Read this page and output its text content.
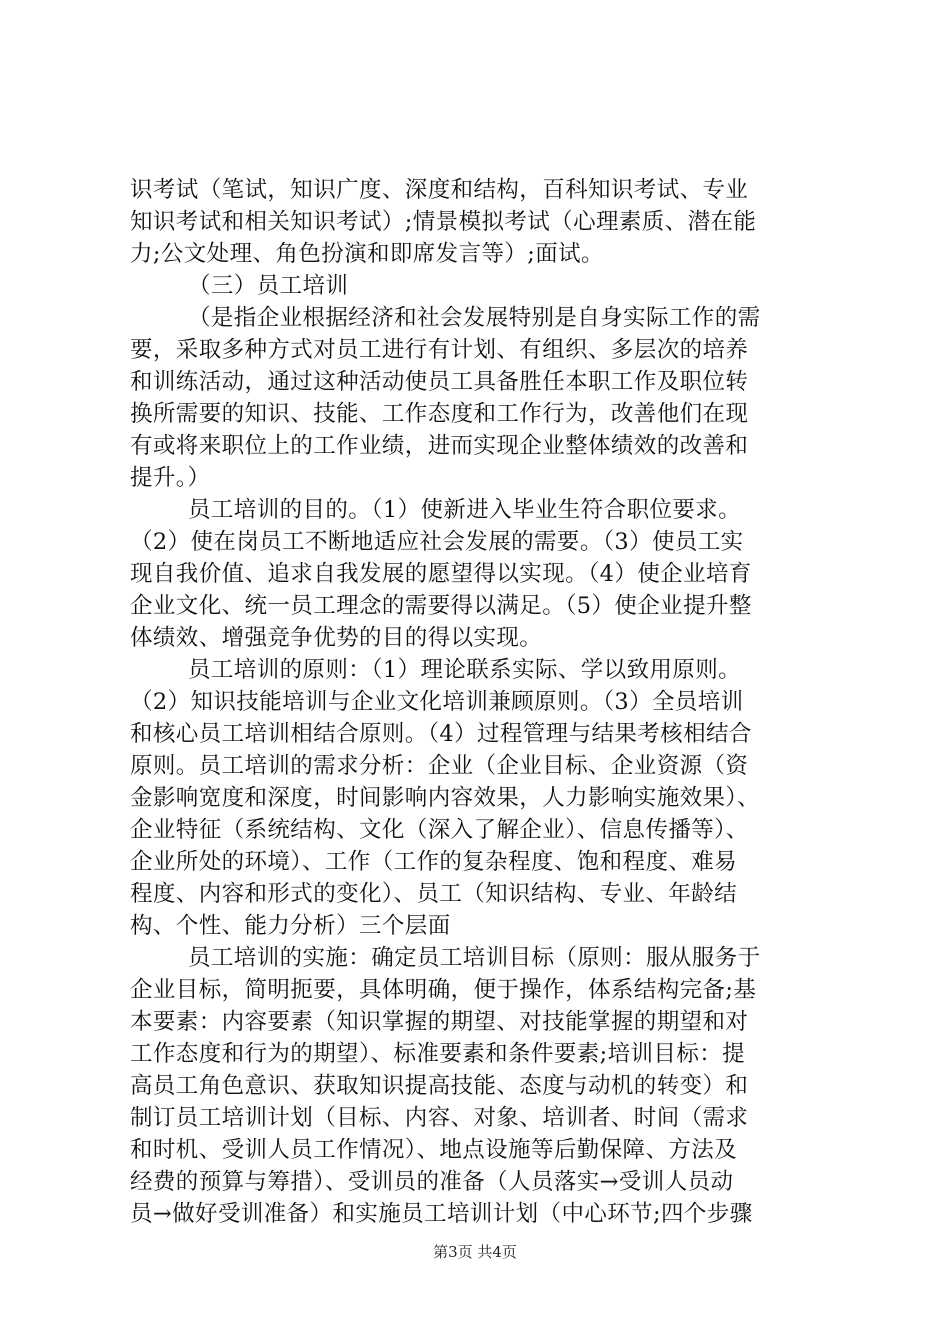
识考试（笔试，知识广度、深度和结构，百科知识考试、专业
知识考试和相关知识考试）;情景模拟考试（心理素质、潜在能
力;公文处理、角色扮演和即席发言等）;面试。
（三）员工培训
（是指企业根据经济和社会发展特别是自身实际工作的需
要，采取多种方式对员工进行有计划、有组织、多层次的培养
和训练活动，通过这种活动使员工具备胜任本职工作及职位转
换所需要的知识、技能、工作态度和工作行为，改善他们在现
有或将来职位上的工作业绩，进而实现企业整体绩效的改善和
提升。）
员工培训的目的。（1）使新进入毕业生符合职位要求。
（2）使在岗员工不断地适应社会发展的需要。（3）使员工实
现自我价值、追求自我发展的愿望得以实现。（4）使企业培育
企业文化、统一员工理念的需要得以满足。（5）使企业提升整
体绩效、增强竞争优势的目的得以实现。
员工培训的原则：（1）理论联系实际、学以致用原则。
（2）知识技能培训与企业文化培训兼顾原则。（3）全员培训
和核心员工培训相结合原则。（4）过程管理与结果考核相结合
原则。员工培训的需求分析：企业（企业目标、企业资源（资
金影响宽度和深度，时间影响内容效果，人力影响实施效果）、
企业特征（系统结构、文化（深入了解企业）、信息传播等）、
企业所处的环境）、工作（工作的复杂程度、饱和程度、难易
程度、内容和形式的变化）、员工（知识结构、专业、年龄结
构、个性、能力分析）三个层面
员工培训的实施：确定员工培训目标（原则：服从服务于
企业目标，简明扼要，具体明确，便于操作，体系结构完备;基
本要素：内容要素（知识掌握的期望、对技能掌握的期望和对
工作态度和行为的期望）、标准要素和条件要素;培训目标：提
高员工角色意识、获取知识提高技能、态度与动机的转变）和
制订员工培训计划（目标、内容、对象、培训者、时间（需求
和时机、受训人员工作情况）、地点设施等后勤保障、方法及
经费的预算与筹措）、受训员的准备（人员落实→受训人员动
员→做好受训准备）和实施员工培训计划（中心环节;四个步骤
第3页 共4页
